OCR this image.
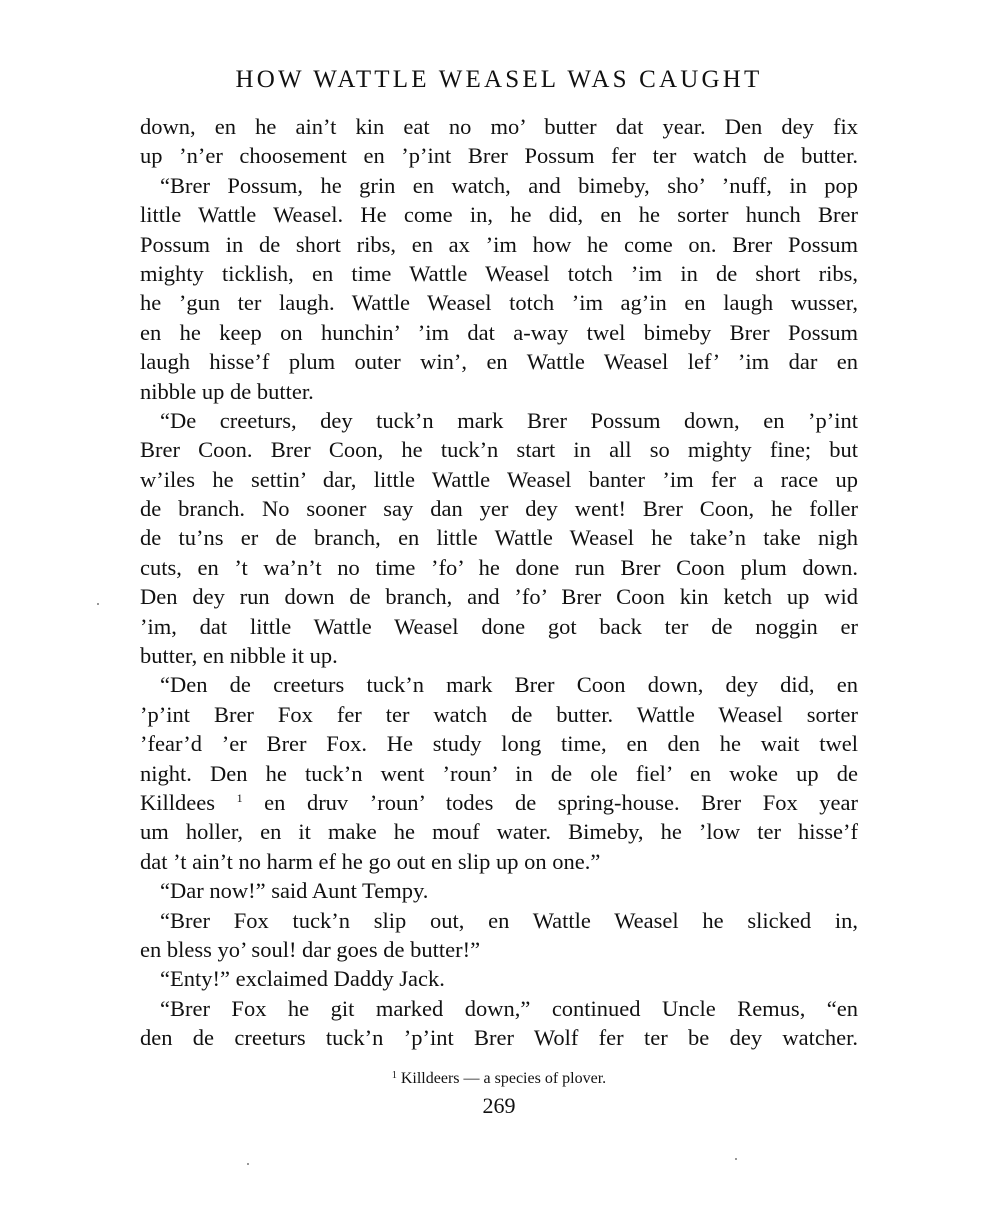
HOW WATTLE WEASEL WAS CAUGHT
down, en he ain’t kin eat no mo’ butter dat year. Den dey fix
up ’n’er choosement en ’p’int Brer Possum fer ter watch de butter.
“Brer Possum, he grin en watch, and bimeby, sho’ ’nuff, in pop
little Wattle Weasel. He come in, he did, en he sorter hunch Brer
Possum in de short ribs, en ax ’im how he come on. Brer Possum
mighty ticklish, en time Wattle Weasel totch ’im in de short ribs,
he ’gun ter laugh. Wattle Weasel totch ’im ag’in en laugh wusser,
en he keep on hunchin’ ’im dat a-way twel bimeby Brer Possum
laugh hisse’f plum outer win’, en Wattle Weasel lef’ ’im dar en
nibble up de butter.
“De creeturs, dey tuck’n mark Brer Possum down, en ’p’int
Brer Coon. Brer Coon, he tuck’n start in all so mighty fine; but
w’iles he settin’ dar, little Wattle Weasel banter ’im fer a race up
de branch. No sooner say dan yer dey went! Brer Coon, he foller
de tu’ns er de branch, en little Wattle Weasel he take’n take nigh
cuts, en ’t wa’n’t no time ’fo’ he done run Brer Coon plum down.
Den dey run down de branch, and ’fo’ Brer Coon kin ketch up wid
’im, dat little Wattle Weasel done got back ter de noggin er
butter, en nibble it up.
“Den de creeturs tuck’n mark Brer Coon down, dey did, en
’p’int Brer Fox fer ter watch de butter. Wattle Weasel sorter
’fear’d ’er Brer Fox. He study long time, en den he wait twel
night. Den he tuck’n went ’roun’ in de ole fiel’ en woke up de
Killdees $^1$ en druv ’roun’ todes de spring-house. Brer Fox year
um holler, en it make he mouf water. Bimeby, he ’low ter hisse’f
dat ’t ain’t no harm ef he go out en slip up on one.”
“Dar now!” said Aunt Tempy.
“Brer Fox tuck’n slip out, en Wattle Weasel he slicked in,
en bless yo’ soul! dar goes de butter!”
“Enty!” exclaimed Daddy Jack.
“Brer Fox he git marked down,” continued Uncle Remus, “en
den de creeturs tuck’n ’p’int Brer Wolf fer ter be dey watcher.
$^1$ Killdeers — a species of plover.
269
